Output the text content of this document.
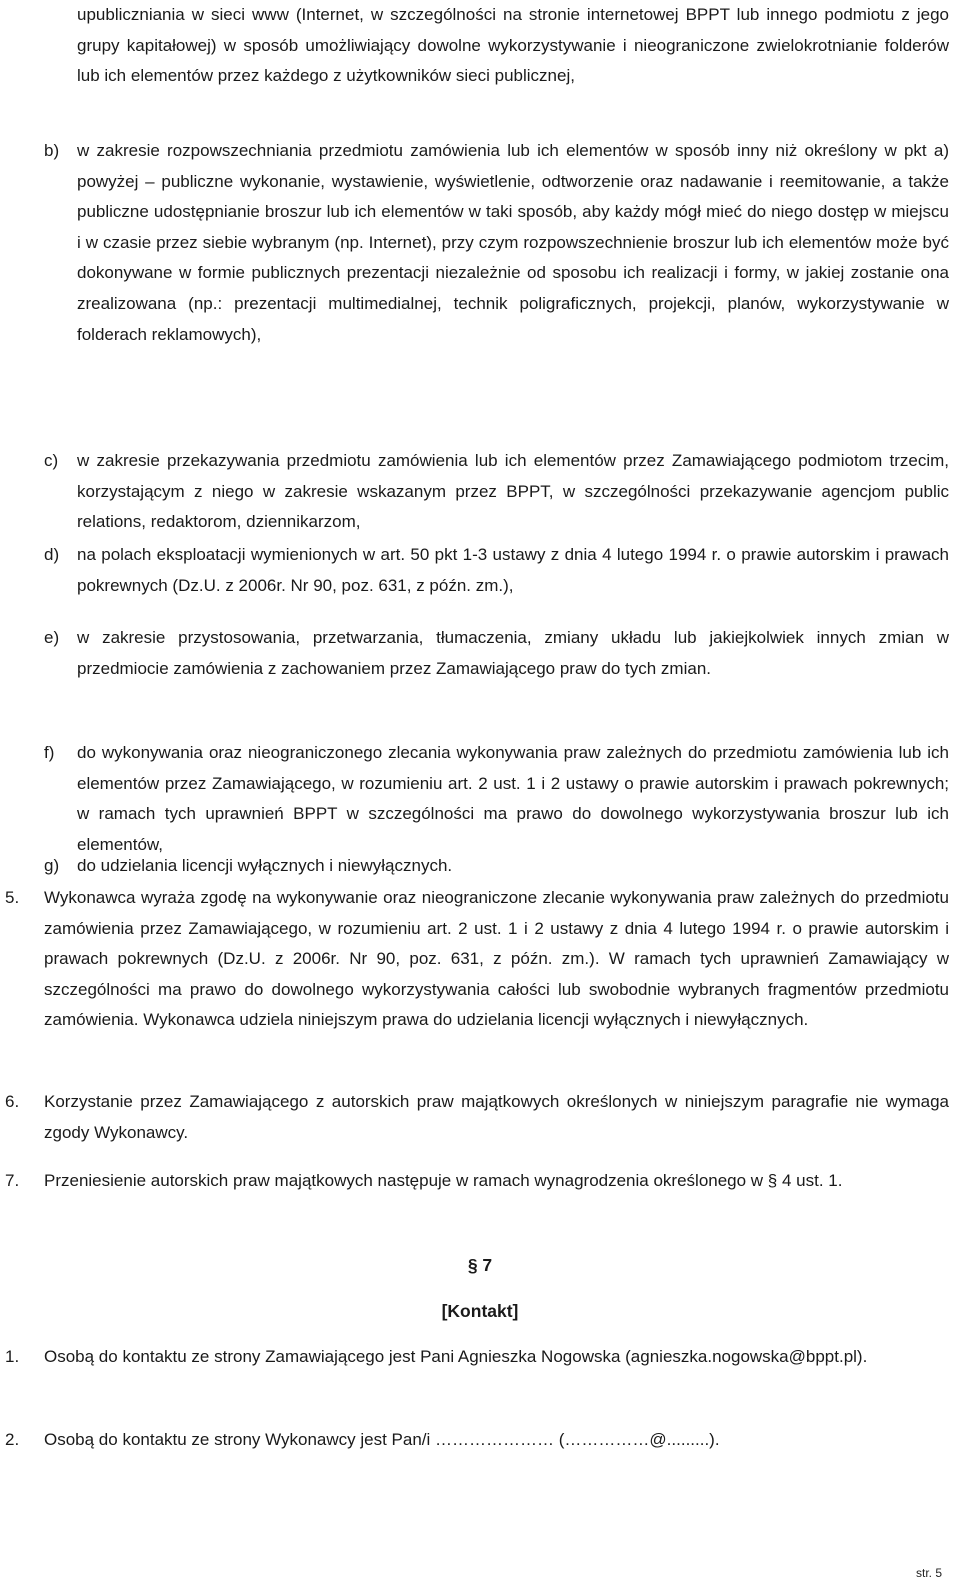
upubliczniania w sieci www (Internet, w szczególności na stronie internetowej BPPT lub innego podmiotu z jego grupy kapitałowej) w sposób umożliwiający dowolne wykorzystywanie i nieograniczone zwielokrotnianie folderów lub ich elementów przez każdego z użytkowników sieci publicznej,

b) w zakresie rozpowszechniania przedmiotu zamówienia lub ich elementów w sposób inny niż określony w pkt a) powyżej – publiczne wykonanie, wystawienie, wyświetlenie, odtworzenie oraz nadawanie i reemitowanie, a także publiczne udostępnianie broszur lub ich elementów w taki sposób, aby każdy mógł mieć do niego dostęp w miejscu i w czasie przez siebie wybranym (np. Internet), przy czym rozpowszechnienie broszur lub ich elementów może być dokonywane w formie publicznych prezentacji niezależnie od sposobu ich realizacji i formy, w jakiej zostanie ona zrealizowana (np.: prezentacji multimedialnej, technik poligraficznych, projekcji, planów, wykorzystywanie w folderach reklamowych),
c) w zakresie przekazywania przedmiotu zamówienia lub ich elementów przez Zamawiającego podmiotom trzecim, korzystającym z niego w zakresie wskazanym przez BPPT, w szczególności przekazywanie agencjom public relations, redaktorom, dziennikarzom,
d) na polach eksploatacji wymienionych w art. 50 pkt 1-3 ustawy z dnia 4 lutego 1994 r. o prawie autorskim i prawach pokrewnych (Dz.U. z 2006r. Nr 90, poz. 631, z późn. zm.),
e) w zakresie przystosowania, przetwarzania, tłumaczenia, zmiany układu lub jakiejkolwiek innych zmian w przedmiocie zamówienia z zachowaniem przez Zamawiającego praw do tych zmian.
f) do wykonywania oraz nieograniczonego zlecania wykonywania praw zależnych do przedmiotu zamówienia lub ich elementów przez Zamawiającego, w rozumieniu art. 2 ust. 1 i 2 ustawy o prawie autorskim i prawach pokrewnych; w ramach tych uprawnień BPPT w szczególności ma prawo do dowolnego wykorzystywania broszur lub ich elementów,
g) do udzielania licencji wyłącznych i niewyłącznych.
5. Wykonawca wyraża zgodę na wykonywanie oraz nieograniczone zlecanie wykonywania praw zależnych do przedmiotu zamówienia przez Zamawiającego, w rozumieniu art. 2 ust. 1 i 2 ustawy z dnia 4 lutego 1994 r. o prawie autorskim i prawach pokrewnych (Dz.U. z 2006r. Nr 90, poz. 631, z późn. zm.). W ramach tych uprawnień Zamawiający w szczególności ma prawo do dowolnego wykorzystywania całości lub swobodnie wybranych fragmentów przedmiotu zamówienia. Wykonawca udziela niniejszym prawa do udzielania licencji wyłącznych i niewyłącznych.
6. Korzystanie przez Zamawiającego z autorskich praw majątkowych określonych w niniejszym paragrafie nie wymaga zgody Wykonawcy.
7. Przeniesienie autorskich praw majątkowych następuje w ramach wynagrodzenia określonego w § 4 ust. 1.
§ 7
[Kontakt]
1. Osobą do kontaktu ze strony Zamawiającego jest Pani Agnieszka Nogowska (agnieszka.nogowska@bppt.pl).
2. Osobą do kontaktu ze strony Wykonawcy jest Pan/i ………………… (……………@.........).
str. 5
